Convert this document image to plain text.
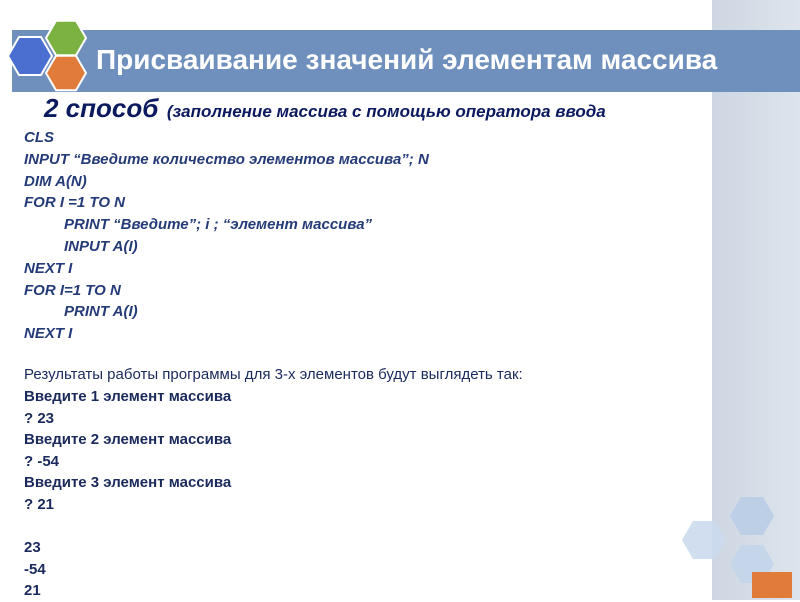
Присваивание значений элементам массива
2 способ (заполнение массива с помощью оператора ввода
CLS
INPUT “Введите количество элементов массива”; N
DIM A(N)
FOR I =1 TO N
PRINT “Введите”; i ; “элемент массива”
INPUT A(I)
NEXT I
FOR I=1 TO N
PRINT A(I)
NEXT I
Результаты работы программы для 3-х элементов будут выглядеть так:
Введите 1 элемент массива
? 23
Введите 2 элемент массива
? -54
Введите 3 элемент массива
? 21
23
-54
21
